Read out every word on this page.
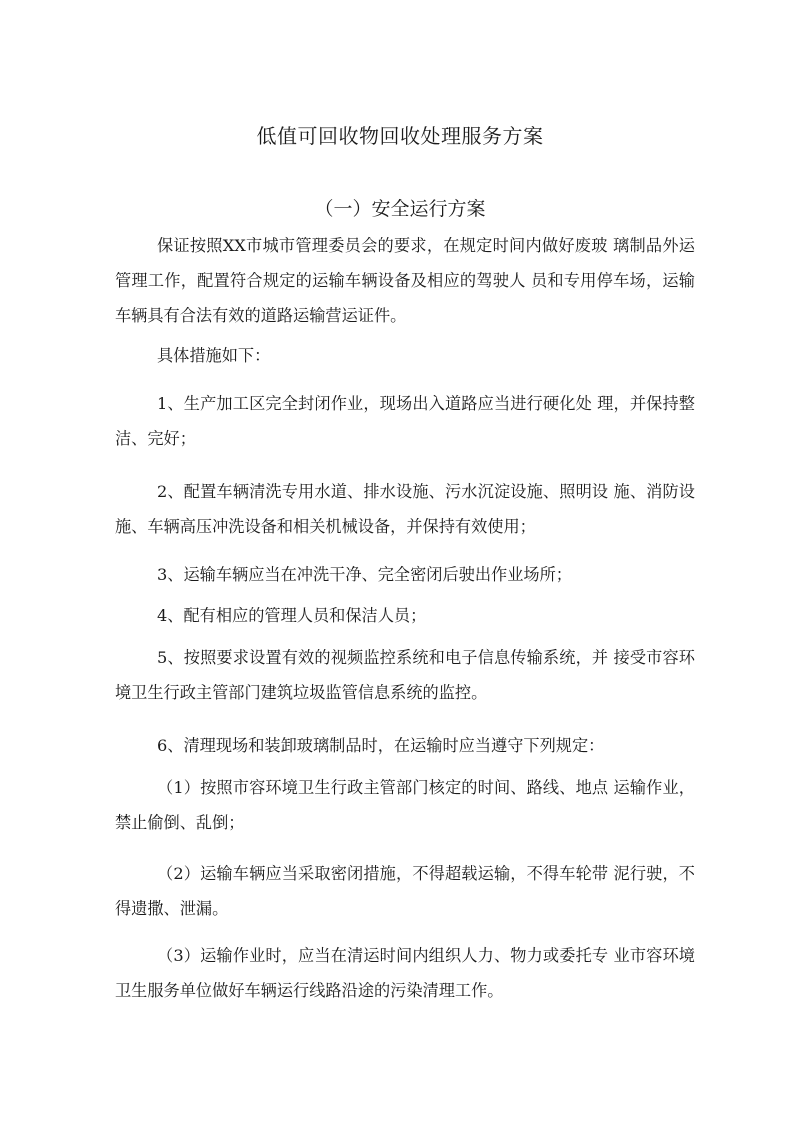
低值可回收物回收处理服务方案
（一）安全运行方案

保证按照XX市城市管理委员会的要求，在规定时间内做好废玻 璃制品外运管理工作，配置符合规定的运输车辆设备及相应的驾驶人 员和专用停车场，运输车辆具有合法有效的道路运输营运证件。

具体措施如下：

1、生产加工区完全封闭作业，现场出入道路应当进行硬化处 理，并保持整洁、完好；

2、配置车辆清洗专用水道、排水设施、污水沉淀设施、照明设 施、消防设施、车辆高压冲洗设备和相关机械设备，并保持有效使用；

3、运输车辆应当在冲洗干净、完全密闭后驶出作业场所；

4、配有相应的管理人员和保洁人员；

5、按照要求设置有效的视频监控系统和电子信息传输系统，并 接受市容环境卫生行政主管部门建筑垃圾监管信息系统的监控。

6、清理现场和装卸玻璃制品时，在运输时应当遵守下列规定：

（1）按照市容环境卫生行政主管部门核定的时间、路线、地点 运输作业，禁止偷倒、乱倒；

（2）运输车辆应当采取密闭措施，不得超载运输，不得车轮带 泥行驶，不得遗撒、泄漏。

（3）运输作业时，应当在清运时间内组织人力、物力或委托专 业市容环境卫生服务单位做好车辆运行线路沿途的污染清理工作。
